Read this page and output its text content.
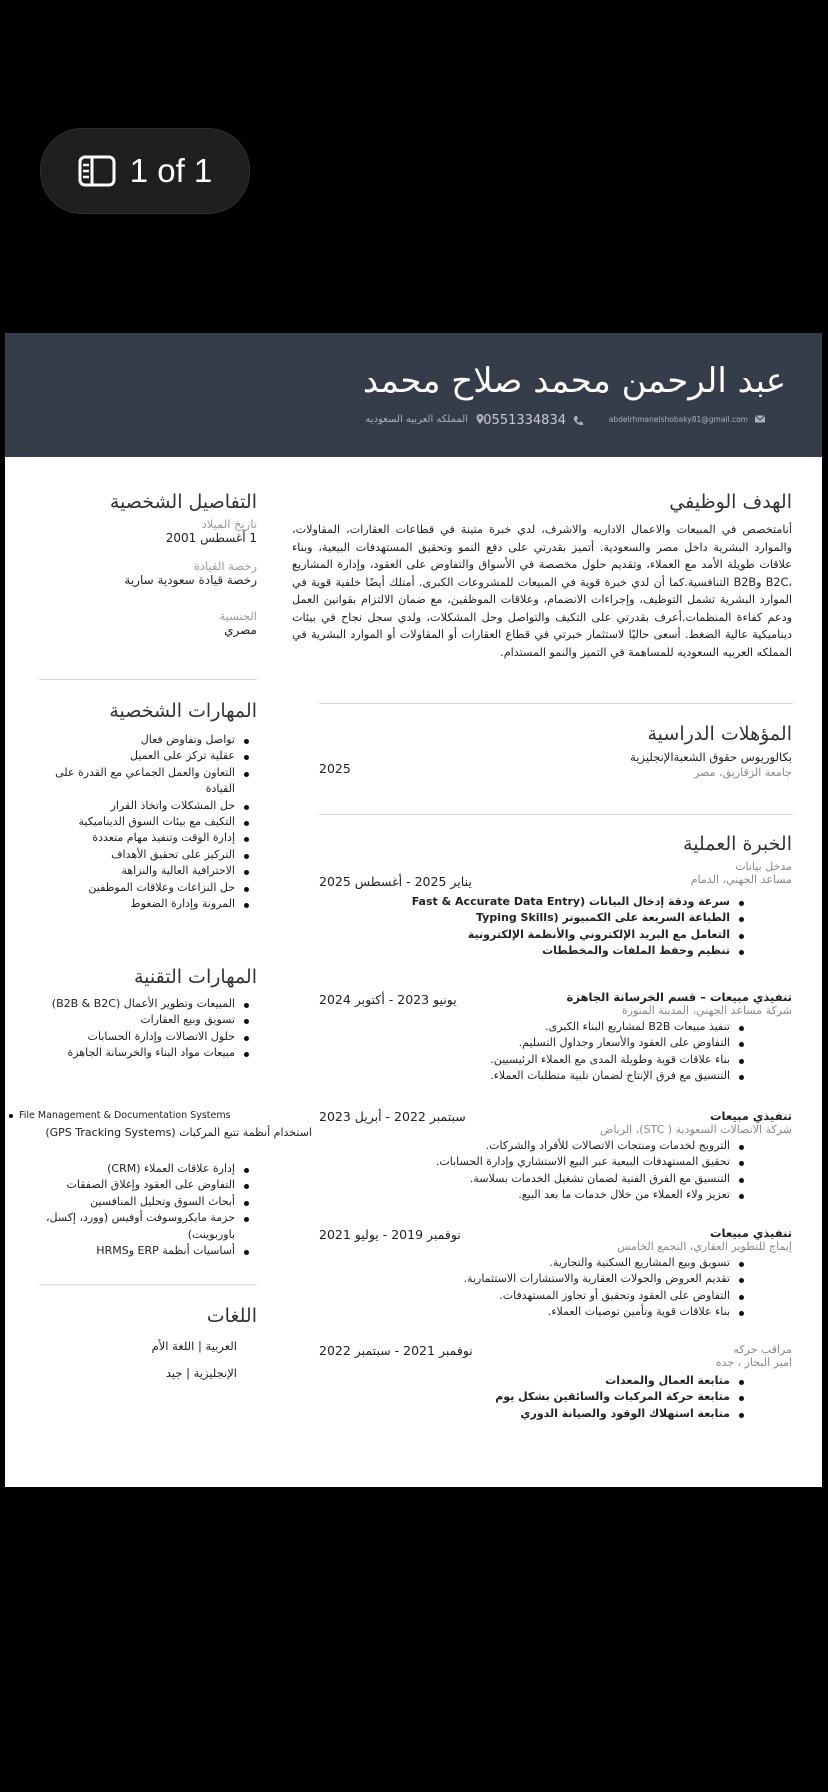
1 of 1
عبد الرحمن محمد صلاح محمد
abdelrhmanelshobaky81@gmail.com
0551334834
المملكه العربيه السعوديه
الهدف الوظيفي

أنامتخصص في المبيعات والاعمال الاداريه والاشرف، لدي خبرة متينة في قطاعات العقارات، المقاولات، والموارد البشرية داخل مصر والسعودية. أتميز بقدرتي على دفع النمو وتحقيق المستهدفات البيعية، وبناء علاقات طويلة الأمد مع العملاء، وتقديم حلول مخصصة في الأسواق والتفاوض على العقود، وإدارة المشاريع ،B2C وB2B التنافسية.كما أن لدي خبرة قوية في المبيعات للمشروعات الكبرى. أمتلك أيضًا خلفية قوية في الموارد البشرية تشمل التوظيف، وإجراءات الانضمام، وعلاقات الموظفين، مع ضمان الالتزام بقوانين العمل ودعم كفاءة المنظمات.أعرف بقدرتي على التكيف والتواصل وحل المشكلات، ولدي سجل نجاح في بيئات ديناميكية عالية الضغط. أسعى حاليًا لاستثمار خبرتي في قطاع العقارات أو المقاولات أو الموارد البشرية في المملكه العربيه السعوديه للمساهمة في التميز والنمو المستدام.

المؤهلات الدراسية
بكالوريوس حقوق الشعبةالإنجليزية
جامعة الزقازيق، مصر
2025
الخبرة العملية
مدخل بيانات
مساعد الجهني، الدمام
سرعة ودقة إدخال البيانات (Fast & Accurate Data Entry
الطباعة السريعة على الكمبيوتر (Typing Skills
التعامل مع البريد الإلكتروني والأنظمة الإلكترونية
تنظيم وحفظ الملفات والمخططات
يناير 2025 - أغسطس 2025
تنفيذي مبيعات – قسم الخرسانة الجاهزة
شركة مساعد الجهني، المدينة المنورة
تنفيذ مبيعات B2B لمشاريع البناء الكبرى.
التفاوض على العقود والأسعار وجداول التسليم.
بناء علاقات قوية وطويلة المدى مع العملاء الرئيسيين.
التنسيق مع فرق الإنتاج لضمان تلبية متطلبات العملاء.
يونيو 2023 - أكتوبر 2024
تنفيذي مبيعات
شركة الاتصالات السعودية ( STC)، الرياض
الترويج لخدمات ومنتجات الاتصالات للأفراد والشركات.
تحقيق المستهدفات البيعية عبر البيع الاستشاري وإدارة الحسابات.
التنسيق مع الفرق الفنية لضمان تشغيل الخدمات بسلاسة.
تعزيز ولاء العملاء من خلال خدمات ما بعد البيع.
سبتمبر 2022 - أبريل 2023
تنفيذي مبيعات
إيماج للتطوير العقاري، التجمع الخامس
تسويق وبيع المشاريع السكنية والتجارية.
تقديم العروض والجولات العقارية والاستشارات الاستثمارية.
التفاوض على العقود وتحقيق أو تجاوز المستهدفات.
بناء علاقات قوية وتأمين توصيات العملاء.
نوفمبر 2019 - يوليو 2021
مراقب حركه
امير البحار ، جده
متابعة العمال والمعدات
متابعة حركة المركبات والسائقين بشكل يوم
متابعة استهلاك الوقود والصيانة الدوري
نوفمبر 2021 - سبتمبر 2022
التفاصيل الشخصية
تاريخ الميلاد
1 أغسطس 2001
رخصة القيادة
رخصة قيادة سعودية سارية
الجنسية
مصري
المهارات الشخصية
تواصل وتفاوض فعال
عقلية تركز على العميل
التعاون والعمل الجماعي مع القدرة على القيادة
حل المشكلات واتخاذ القرار
التكيف مع بيئات السوق الديناميكية
إدارة الوقت وتنفيذ مهام متعددة
التركيز على تحقيق الأهداف
الاحترافية العالية والنزاهة
حل النزاعات وعلاقات الموظفين
المرونة وإدارة الضغوط
المهارات التقنية
المبيعات وتطوير الأعمال (B2B & B2C)
تسويق وبيع العقارات
حلول الاتصالات وإدارة الحسابات
مبيعات مواد البناء والخرسانة الجاهزة
File Management & Documentation Systems
استخدام أنظمة تتبع المركبات (GPS Tracking Systems)
إدارة علاقات العملاء (CRM)
التفاوض على العقود وإغلاق الصفقات
أبحاث السوق وتحليل المنافسين
حزمة مايكروسوفت أوفيس (وورد، إكسل، باوربوينت)
أساسيات أنظمة ERP وHRMS
اللغات
العربية | اللغة الأم
الإنجليزية | جيد
